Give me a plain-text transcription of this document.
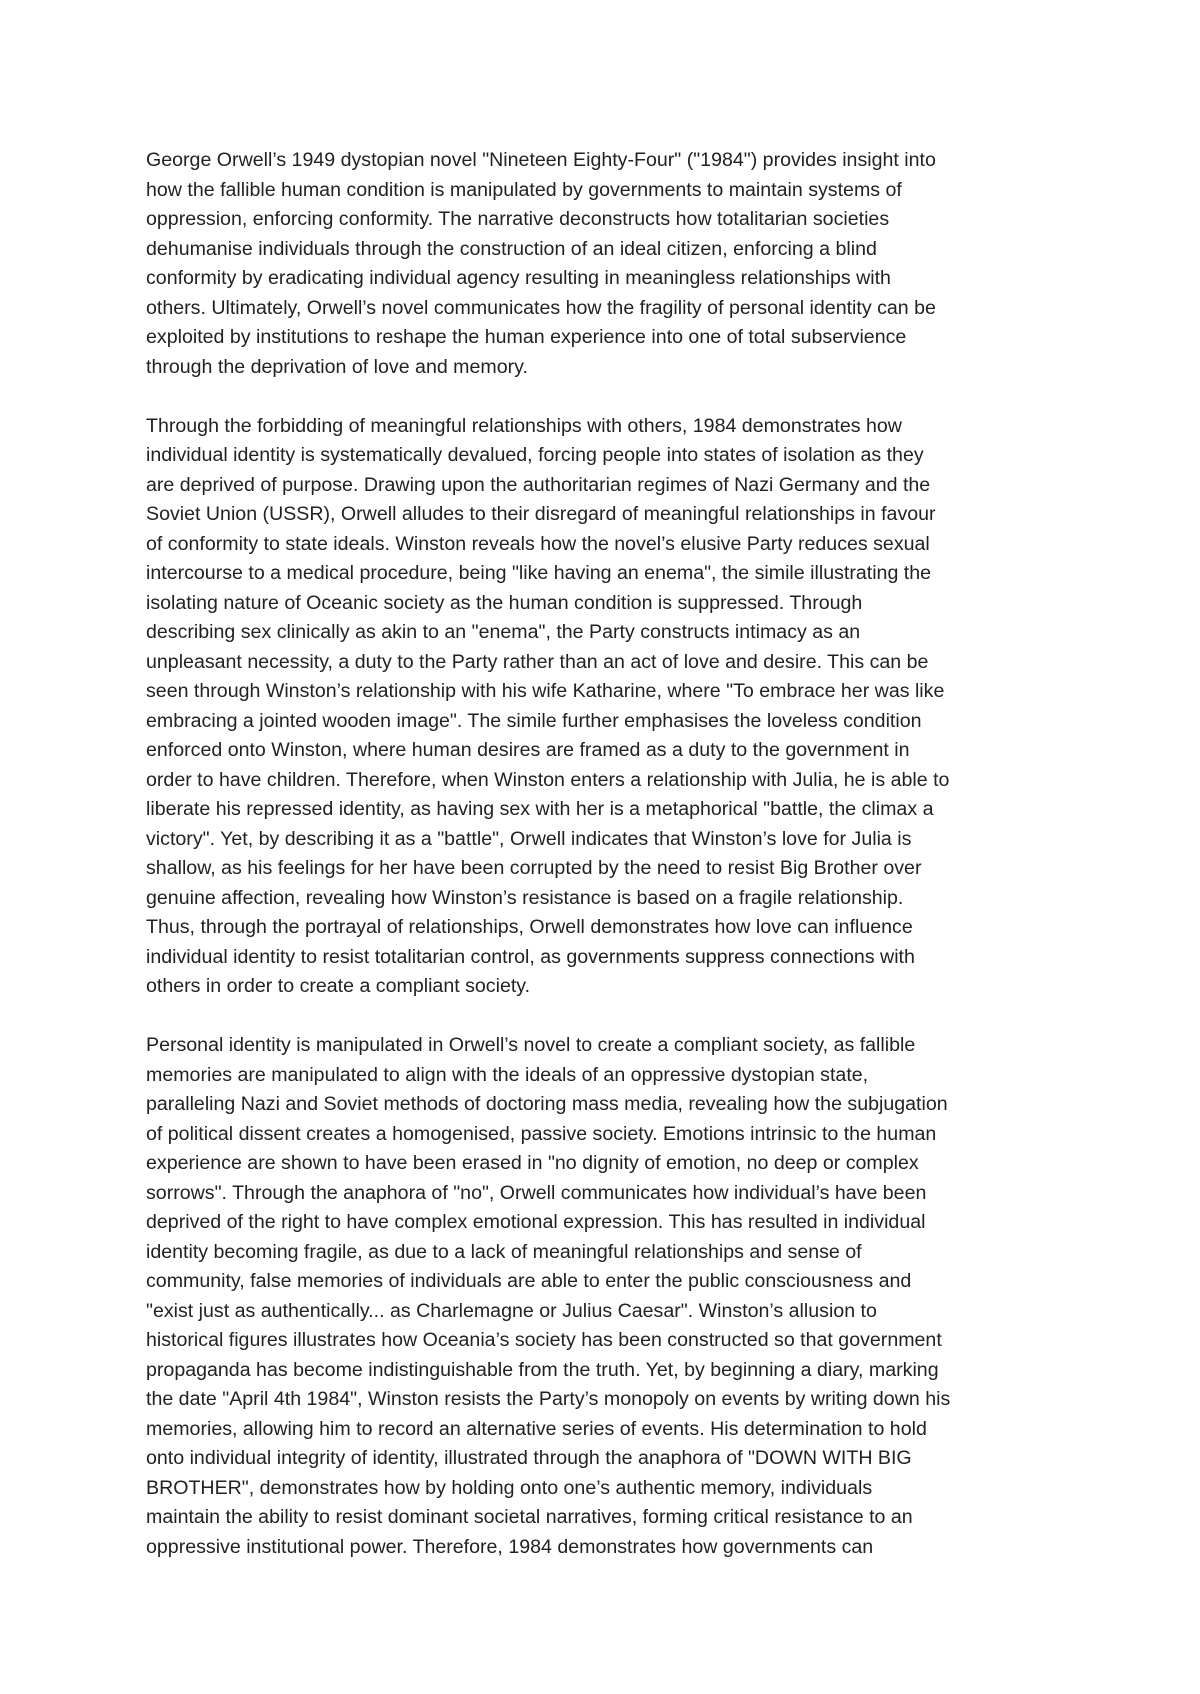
George Orwell’s 1949 dystopian novel "Nineteen Eighty-Four" ("1984") provides insight into
how the fallible human condition is manipulated by governments to maintain systems of
oppression, enforcing conformity. The narrative deconstructs how totalitarian societies
dehumanise individuals through the construction of an ideal citizen, enforcing a blind
conformity by eradicating individual agency resulting in meaningless relationships with
others. Ultimately, Orwell’s novel communicates how the fragility of personal identity can be
exploited by institutions to reshape the human experience into one of total subservience
through the deprivation of love and memory.

Through the forbidding of meaningful relationships with others, 1984 demonstrates how
individual identity is systematically devalued, forcing people into states of isolation as they
are deprived of purpose. Drawing upon the authoritarian regimes of Nazi Germany and the
Soviet Union (USSR), Orwell alludes to their disregard of meaningful relationships in favour
of conformity to state ideals. Winston reveals how the novel’s elusive Party reduces sexual
intercourse to a medical procedure, being "like having an enema", the simile illustrating the
isolating nature of Oceanic society as the human condition is suppressed. Through
describing sex clinically as akin to an "enema", the Party constructs intimacy as an
unpleasant necessity, a duty to the Party rather than an act of love and desire. This can be
seen through Winston’s relationship with his wife Katharine, where "To embrace her was like
embracing a jointed wooden image". The simile further emphasises the loveless condition
enforced onto Winston, where human desires are framed as a duty to the government in
order to have children. Therefore, when Winston enters a relationship with Julia, he is able to
liberate his repressed identity, as having sex with her is a metaphorical "battle, the climax a
victory". Yet, by describing it as a "battle", Orwell indicates that Winston’s love for Julia is
shallow, as his feelings for her have been corrupted by the need to resist Big Brother over
genuine affection, revealing how Winston’s resistance is based on a fragile relationship.
Thus, through the portrayal of relationships, Orwell demonstrates how love can influence
individual identity to resist totalitarian control, as governments suppress connections with
others in order to create a compliant society.

Personal identity is manipulated in Orwell’s novel to create a compliant society, as fallible
memories are manipulated to align with the ideals of an oppressive dystopian state,
paralleling Nazi and Soviet methods of doctoring mass media, revealing how the subjugation
of political dissent creates a homogenised, passive society. Emotions intrinsic to the human
experience are shown to have been erased in "no dignity of emotion, no deep or complex
sorrows". Through the anaphora of "no", Orwell communicates how individual’s have been
deprived of the right to have complex emotional expression. This has resulted in individual
identity becoming fragile, as due to a lack of meaningful relationships and sense of
community, false memories of individuals are able to enter the public consciousness and
"exist just as authentically... as Charlemagne or Julius Caesar". Winston’s allusion to
historical figures illustrates how Oceania’s society has been constructed so that government
propaganda has become indistinguishable from the truth. Yet, by beginning a diary, marking
the date "April 4th 1984", Winston resists the Party’s monopoly on events by writing down his
memories, allowing him to record an alternative series of events. His determination to hold
onto individual integrity of identity, illustrated through the anaphora of "DOWN WITH BIG
BROTHER", demonstrates how by holding onto one’s authentic memory, individuals
maintain the ability to resist dominant societal narratives, forming critical resistance to an
oppressive institutional power. Therefore, 1984 demonstrates how governments can
